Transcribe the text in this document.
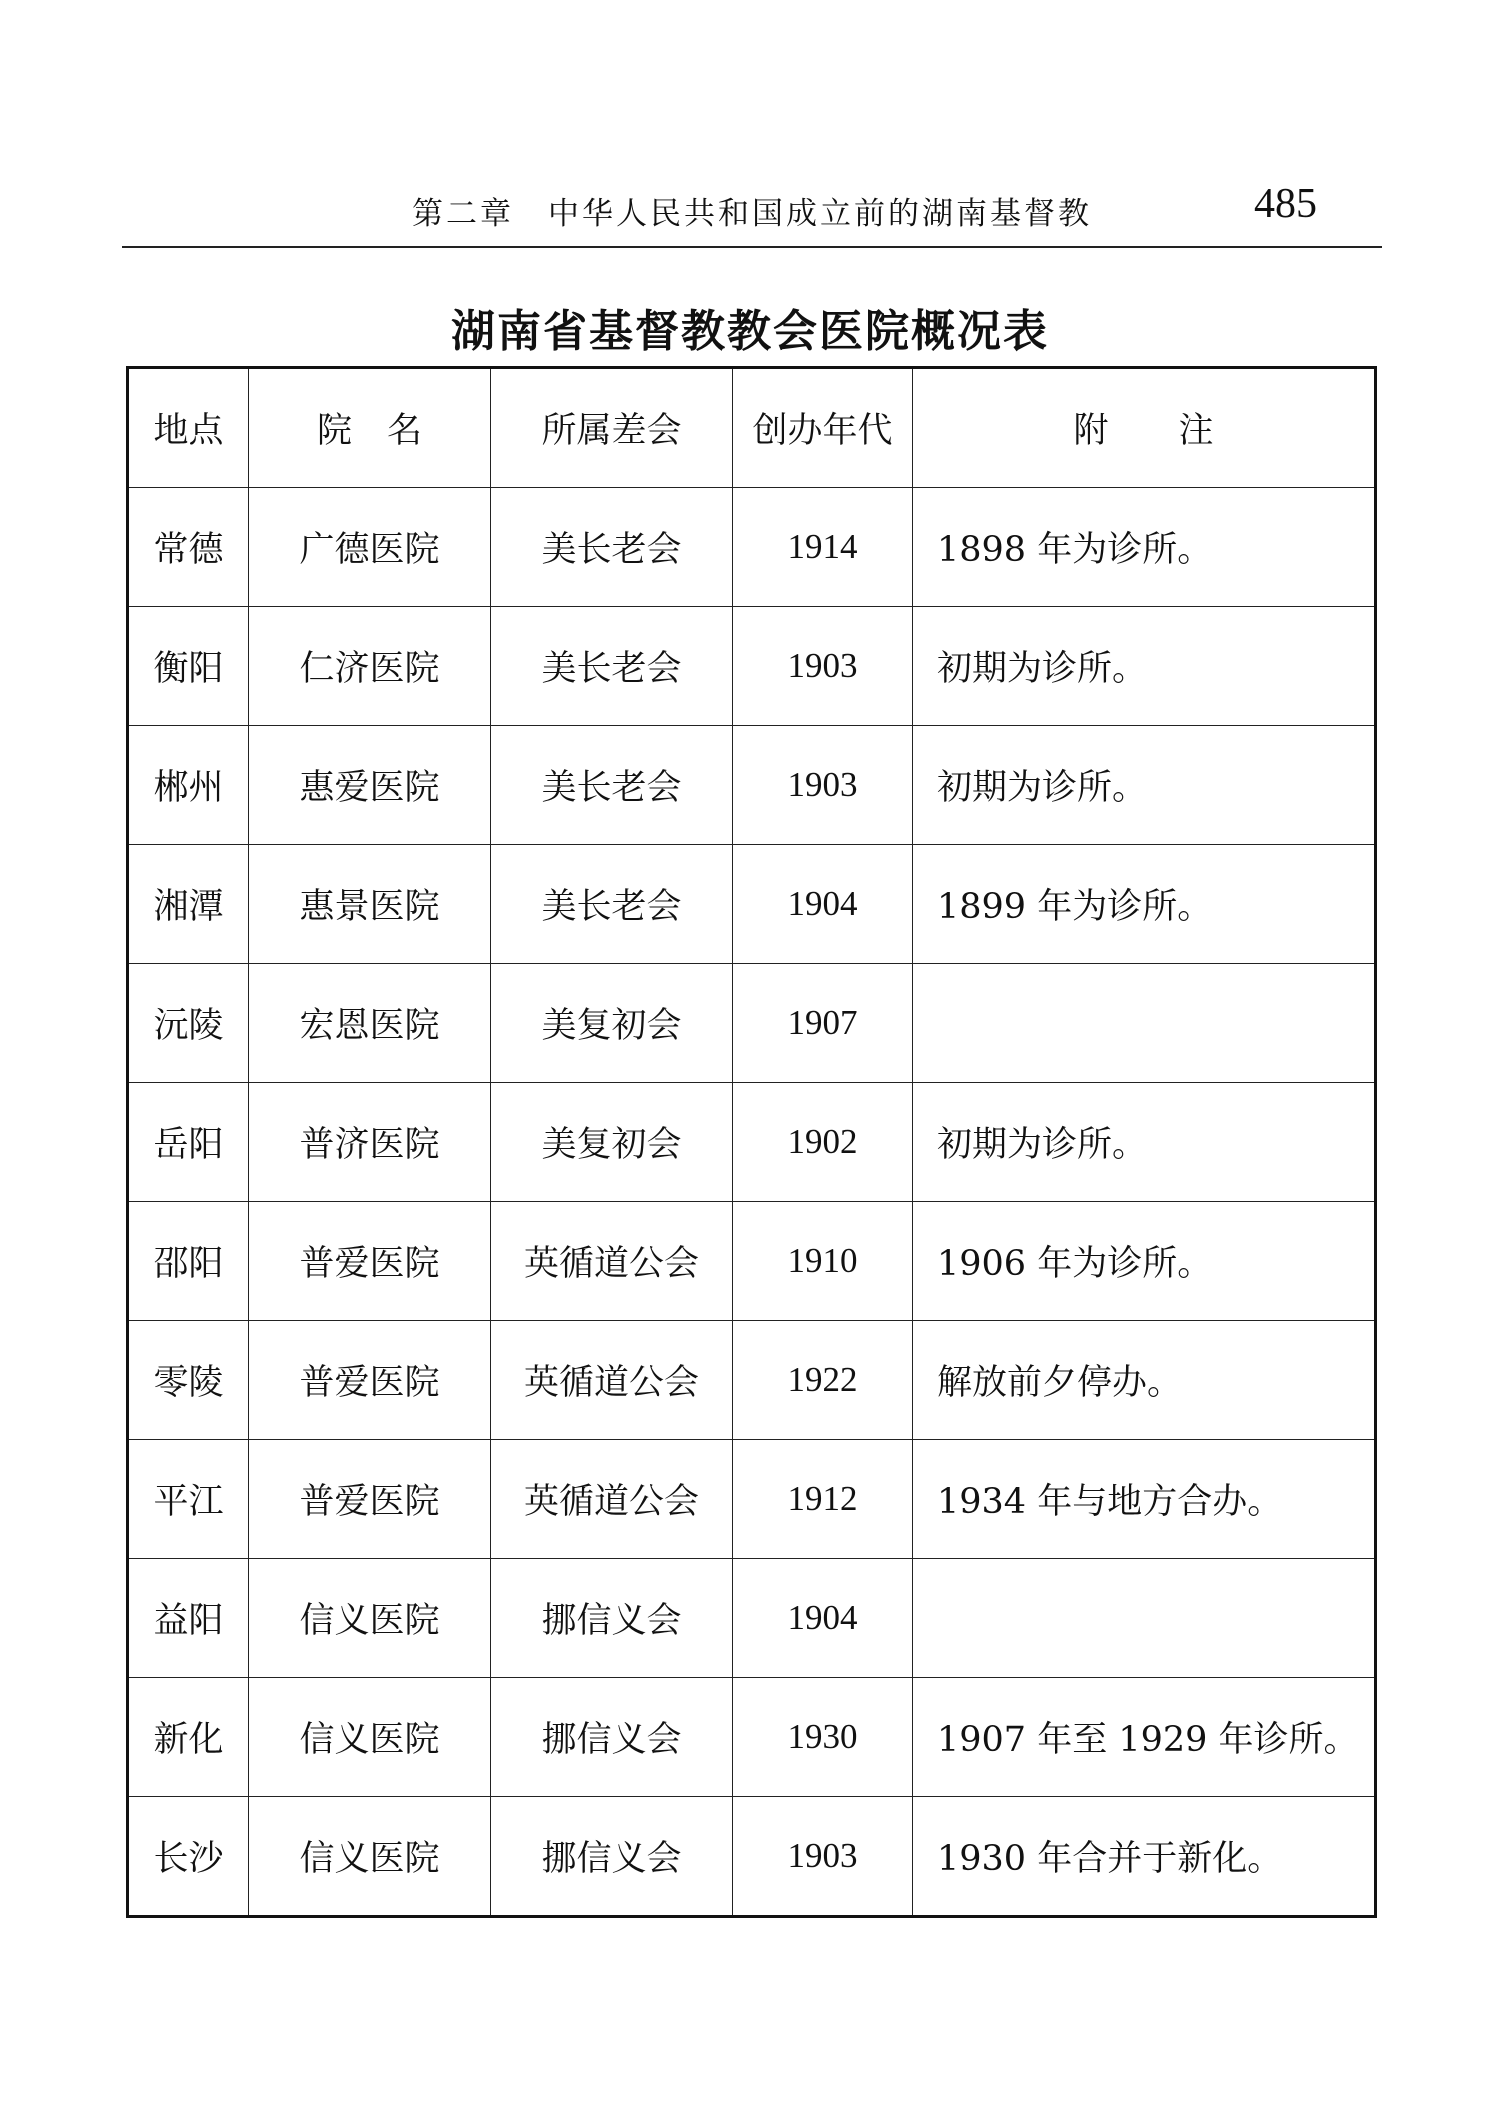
第二章　中华人民共和国成立前的湖南基督教	485
湖南省基督教教会医院概况表
地点	院　名	所属差会	创办年代	附　　注
常德	广德医院	美长老会	1914	1898 年为诊所。
衡阳	仁济医院	美长老会	1903	初期为诊所。
郴州	惠爱医院	美长老会	1903	初期为诊所。
湘潭	惠景医院	美长老会	1904	1899 年为诊所。
沅陵	宏恩医院	美复初会	1907	
岳阳	普济医院	美复初会	1902	初期为诊所。
邵阳	普爱医院	英循道公会	1910	1906 年为诊所。
零陵	普爱医院	英循道公会	1922	解放前夕停办。
平江	普爱医院	英循道公会	1912	1934 年与地方合办。
益阳	信义医院	挪信义会	1904	
新化	信义医院	挪信义会	1930	1907 年至 1929 年诊所。
长沙	信义医院	挪信义会	1903	1930 年合并于新化。
